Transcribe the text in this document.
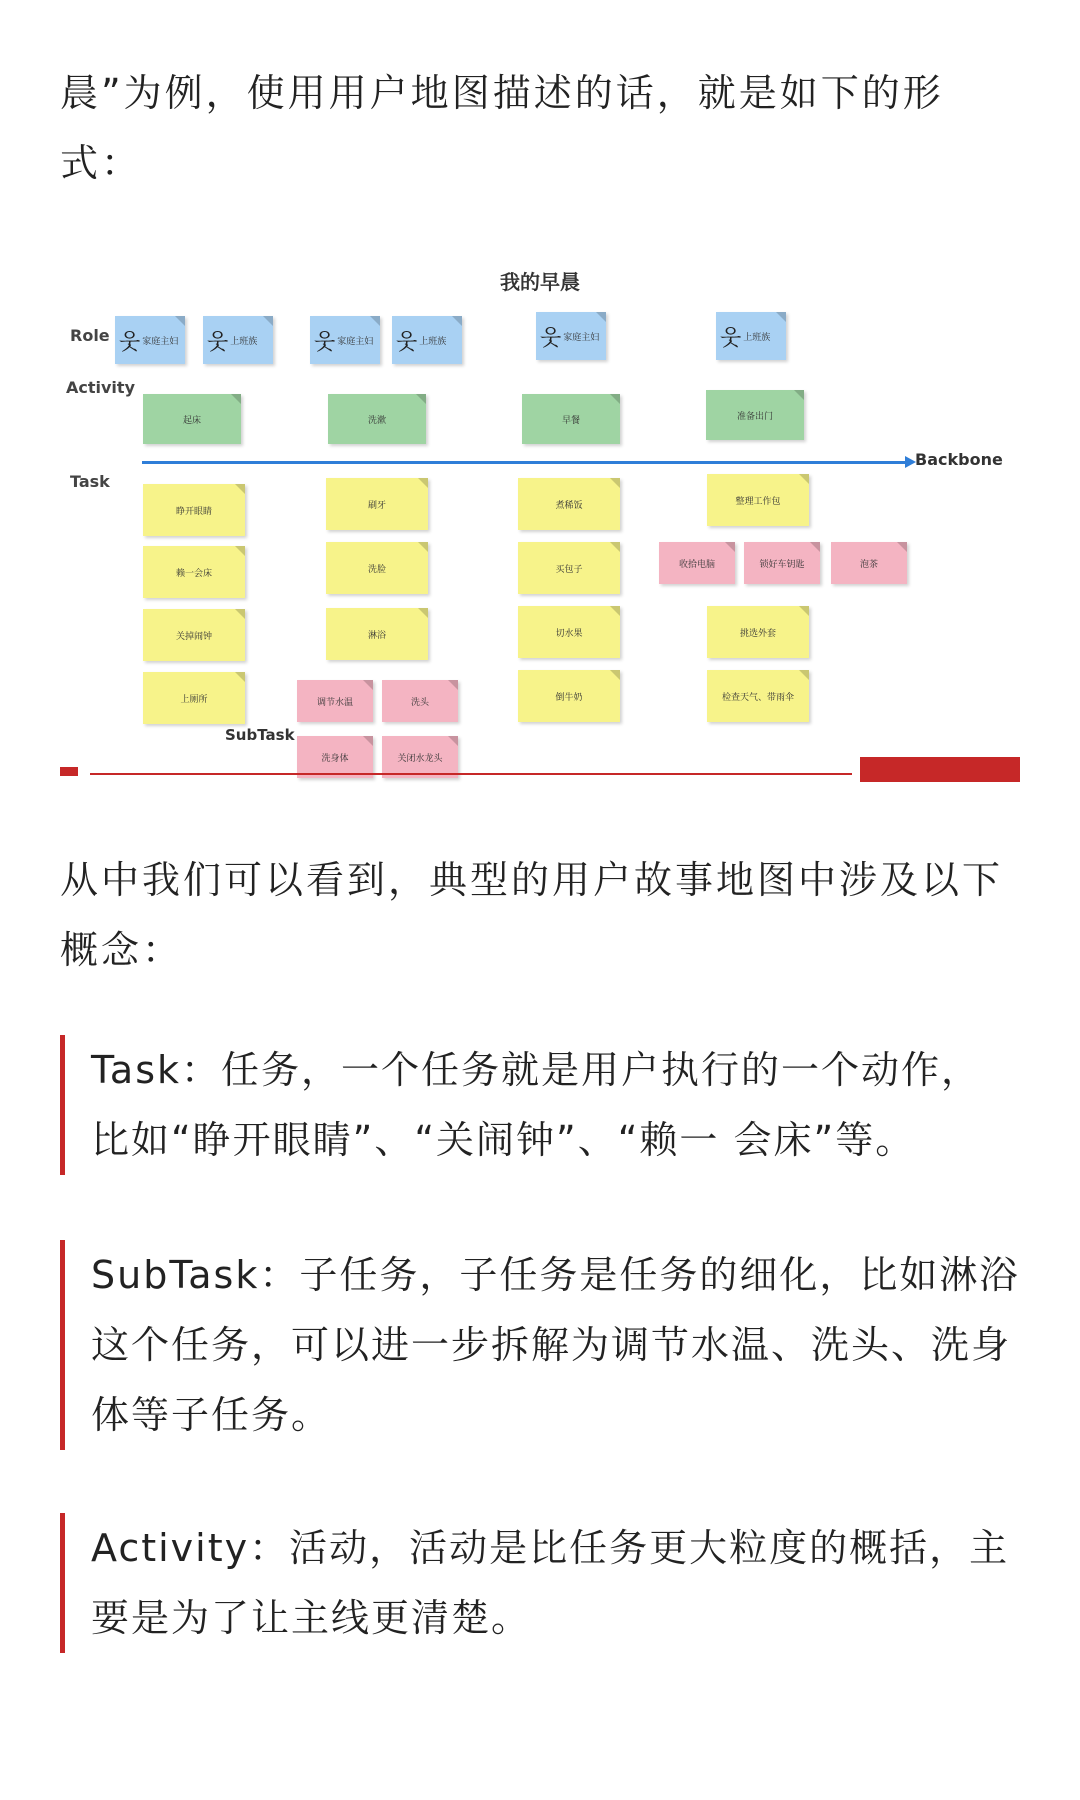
晨”为例，使用用户地图描述的话，就是如下的形式：

我的早晨
Role
Activity
Task
웃 家庭主妇 웃 上班族	웃 家庭主妇 웃 上班族	웃 家庭主妇	웃 上班族
起床	洗漱	早餐	准备出门
Backbone
睁开眼睛
赖一会床
关掉闹钟
上厕所
刷牙
洗脸
淋浴
煮稀饭
买包子
切水果
倒牛奶
整理工作包
挑选外套
检查天气、带雨伞
收拾电脑	锁好车钥匙	泡茶
调节水温	洗头
洗身体	关闭水龙头
SubTask

从中我们可以看到，典型的用户故事地图中涉及以下概念：

Task：任务，一个任务就是用户执行的一个动作，比如“睁开眼睛”、“关闹钟”、“赖一 会床”等。

SubTask：子任务，子任务是任务的细化，比如淋浴这个任务，可以进一步拆解为调节水温、洗头、洗身体等子任务。

Activity：活动，活动是比任务更大粒度的概括，主要是为了让主线更清楚。
